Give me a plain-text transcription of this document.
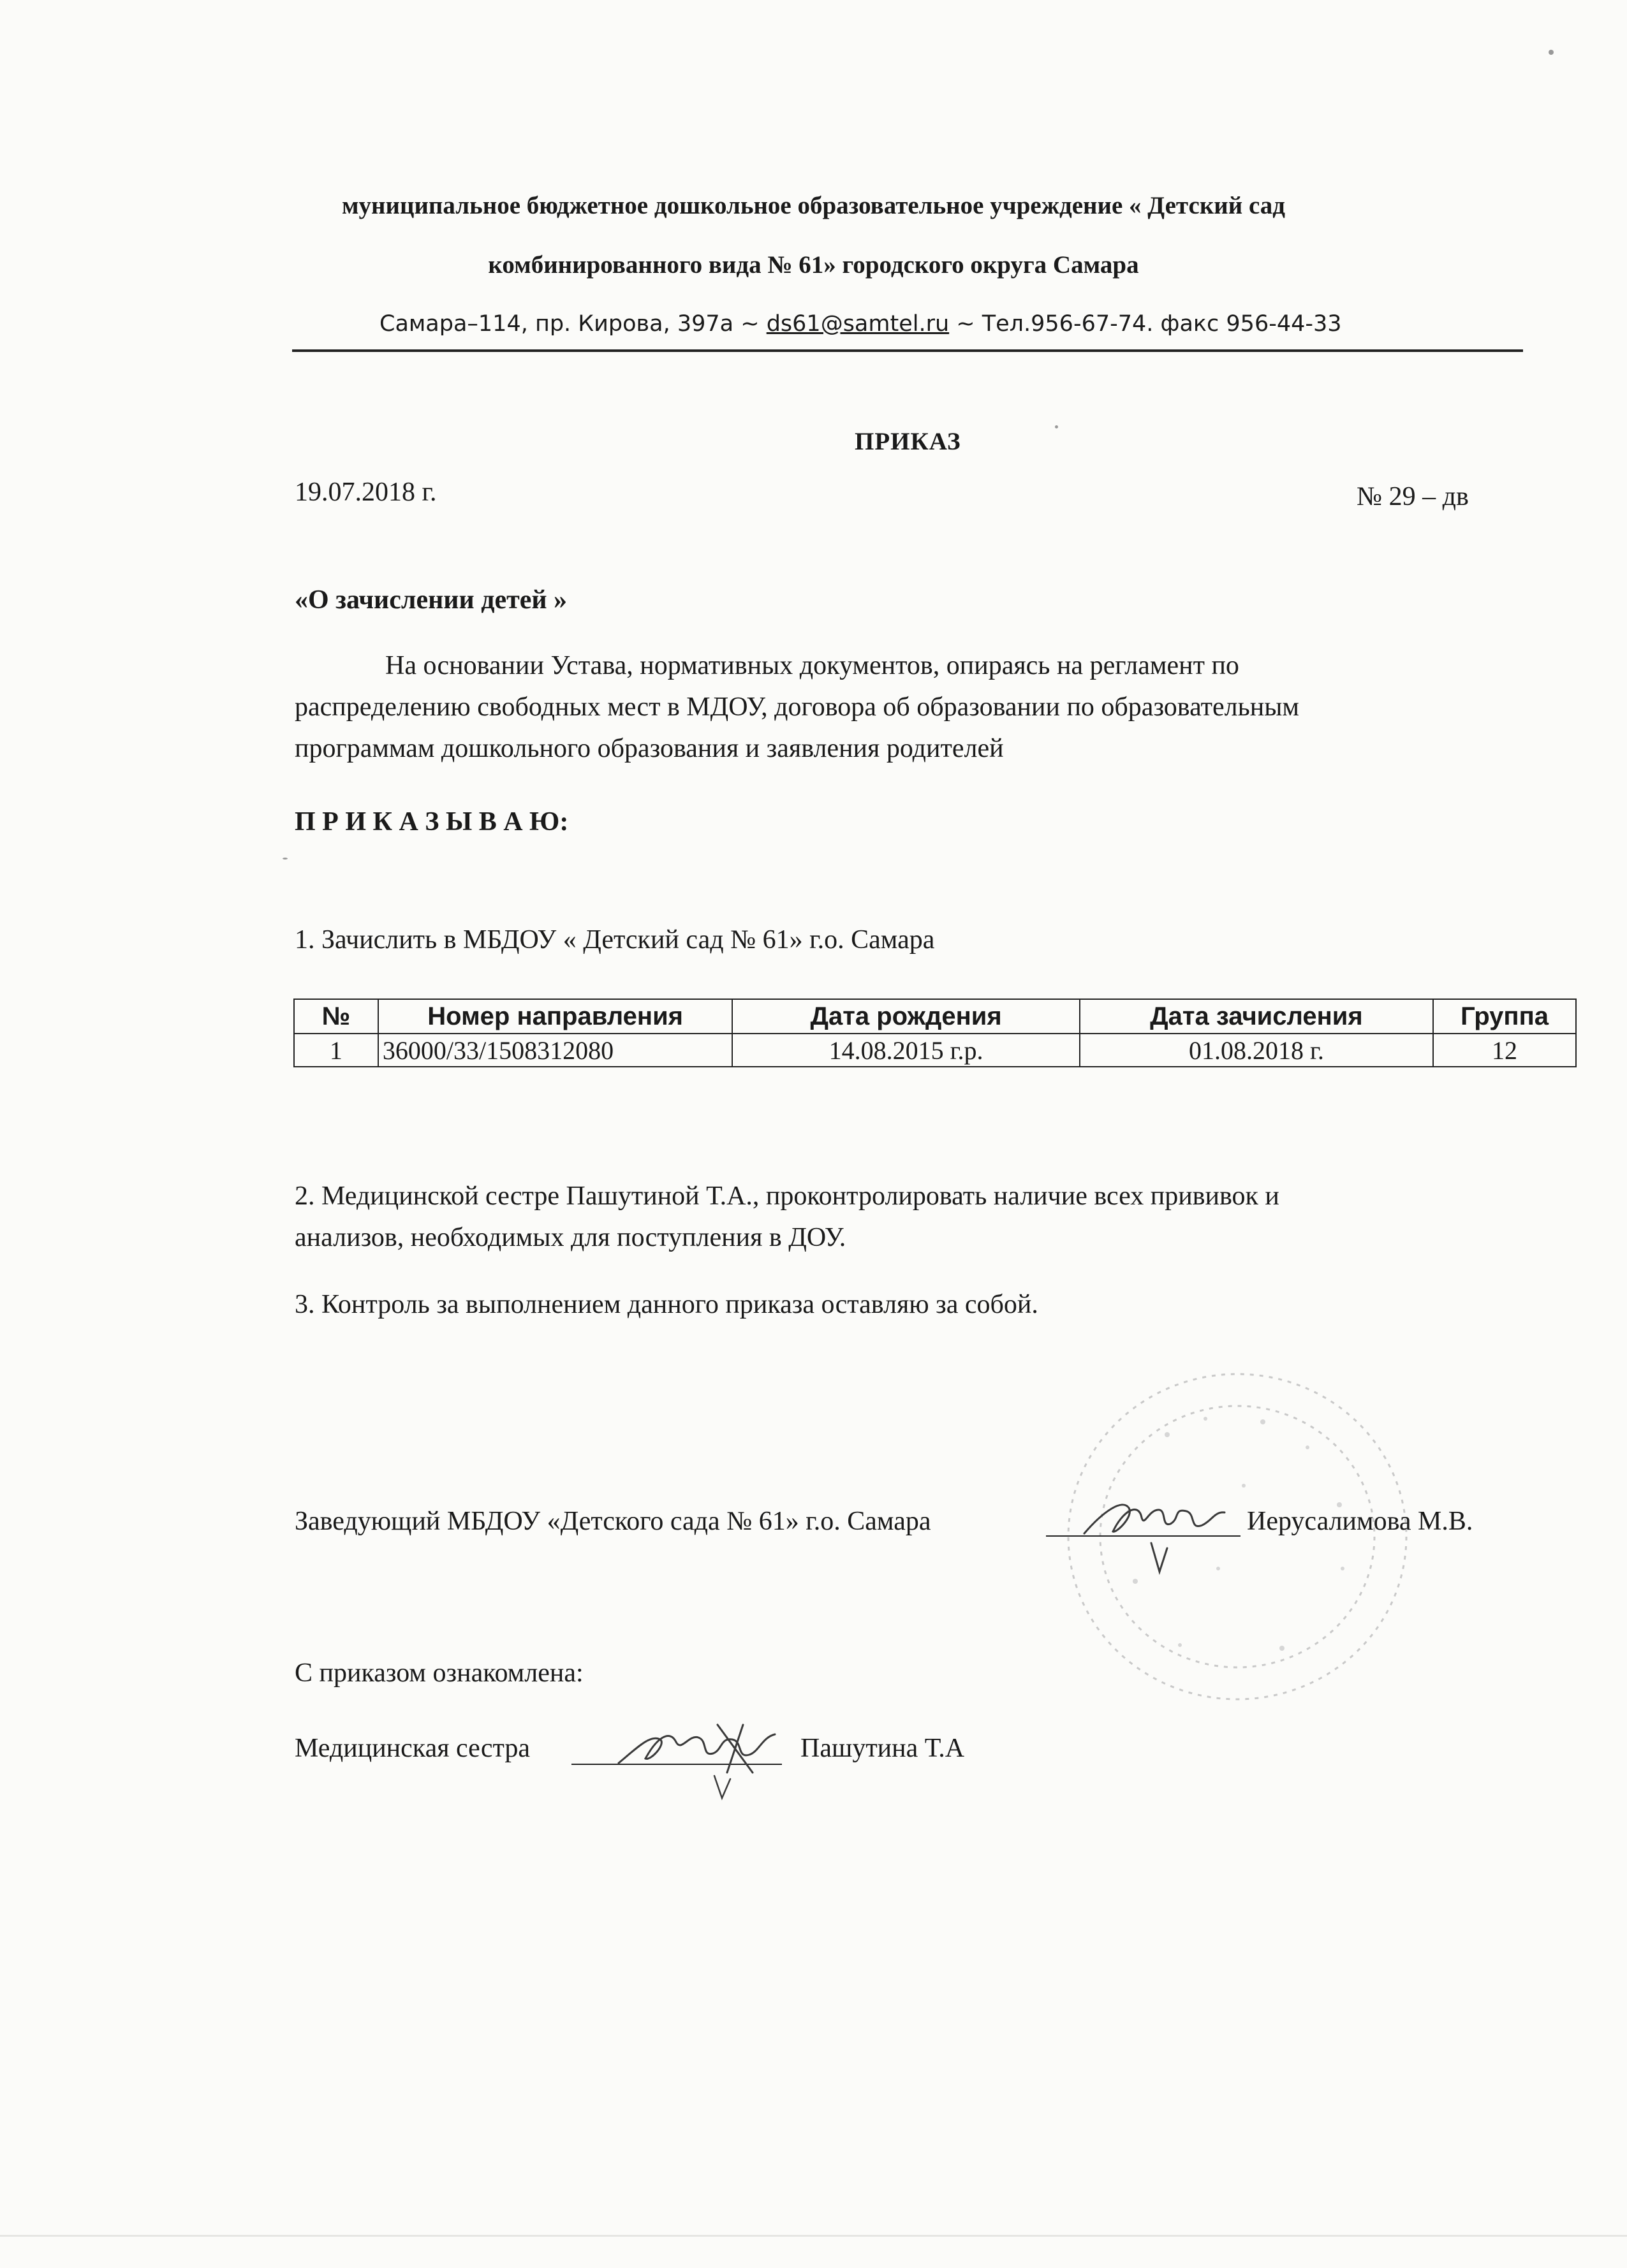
муниципальное бюджетное дошкольное образовательное учреждение « Детский сад
комбинированного вида № 61» городского округа Самара
Самара–114, пр. Кирова, 397а ~ ds61@samtel.ru ~ Тел.956-67-74. факс 956-44-33
ПРИКАЗ
19.07.2018 г.	№ 29 – дв
«О зачислении детей »
На основании Устава, нормативных документов, опираясь на регламент по
распределению свободных мест в МДОУ, договора об образовании по образовательным
программам дошкольного образования и заявления родителей
П Р И К А З Ы В А Ю:
1. Зачислить в МБДОУ « Детский сад № 61» г.о. Самара
№	Номер направления	Дата рождения	Дата зачисления	Группа
1	36000/33/1508312080	14.08.2015 г.р.	01.08.2018 г.	12
2. Медицинской сестре Пашутиной Т.А., проконтролировать наличие всех прививок и
анализов, необходимых для поступления в ДОУ.
3. Контроль за выполнением данного приказа оставляю за собой.
Заведующий МБДОУ «Детского сада № 61» г.о. Самара	Иерусалимова М.В.
С приказом ознакомлена:
Медицинская сестра	Пашутина Т.А
